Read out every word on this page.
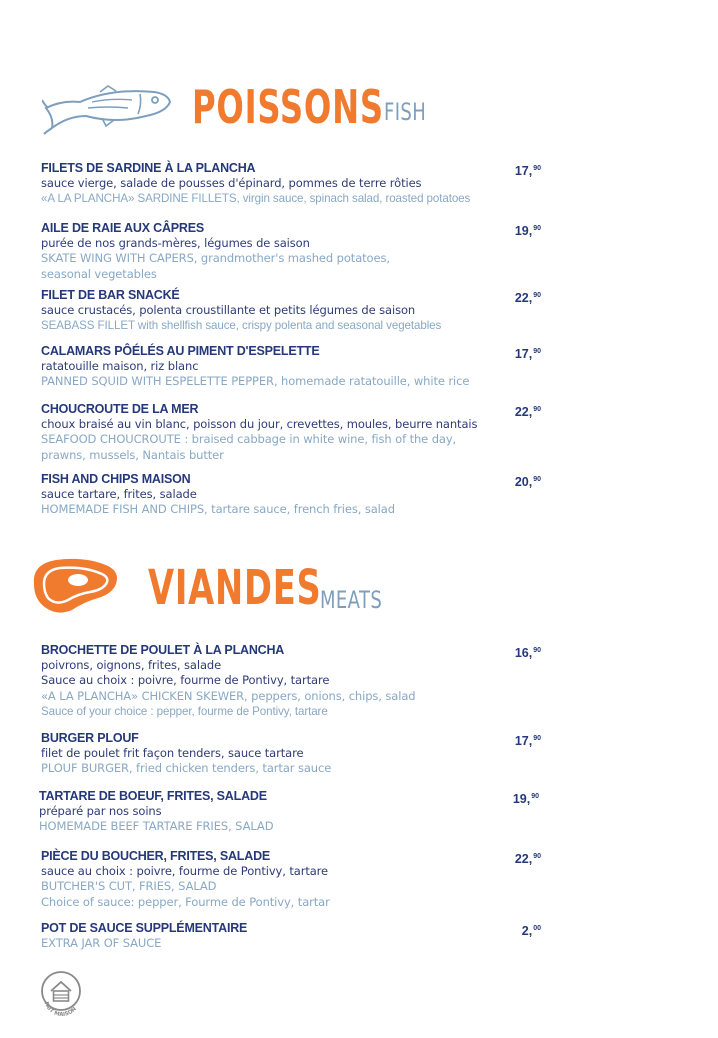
POISSONS FISH
FILETS DE SARDINE À LA PLANCHA	17,90
sauce vierge, salade de pousses d'épinard, pommes de terre rôties
«A LA PLANCHA» SARDINE FILLETS, virgin sauce, spinach salad, roasted potatoes
AILE DE RAIE AUX CÂPRES	19,90
purée de nos grands-mères, légumes de saison
SKATE WING WITH CAPERS, grandmother's mashed potatoes,
seasonal vegetables
FILET DE BAR SNACKÉ	22,90
sauce crustacés, polenta croustillante et petits légumes de saison
SEABASS FILLET with shellfish sauce, crispy polenta and seasonal vegetables
CALAMARS PÔÉLÉS AU PIMENT D'ESPELETTE	17,90
ratatouille maison, riz blanc
PANNED SQUID WITH ESPELETTE PEPPER, homemade ratatouille, white rice
CHOUCROUTE DE LA MER	22,90
choux braisé au vin blanc, poisson du jour, crevettes, moules, beurre nantais
SEAFOOD CHOUCROUTE : braised cabbage in white wine, fish of the day,
prawns, mussels, Nantais butter
FISH AND CHIPS MAISON	20,90
sauce tartare, frites, salade
HOMEMADE FISH AND CHIPS, tartare sauce, french fries, salad
VIANDES
MEATS
BROCHETTE DE POULET À LA PLANCHA	16,90
poivrons, oignons, frites, salade
Sauce au choix : poivre, fourme de Pontivy, tartare
«A LA PLANCHA» CHICKEN SKEWER, peppers, onions, chips, salad
Sauce of your choice : pepper, fourme de Pontivy, tartare
BURGER PLOUF	17,90
filet de poulet frit façon tenders, sauce tartare
PLOUF BURGER, fried chicken tenders, tartar sauce
TARTARE DE BOEUF, FRITES, SALADE	19,90
préparé par nos soins
HOMEMADE BEEF TARTARE FRIES, SALAD
PIÈCE DU BOUCHER, FRITES, SALADE	22,90
sauce au choix : poivre, fourme de Pontivy, tartare
BUTCHER'S CUT, FRIES, SALAD
Choice of sauce: pepper, Fourme de Pontivy, tartar
POT DE SAUCE SUPPLÉMENTAIRE	2,00
EXTRA JAR OF SAUCE
FAIT MAISON
